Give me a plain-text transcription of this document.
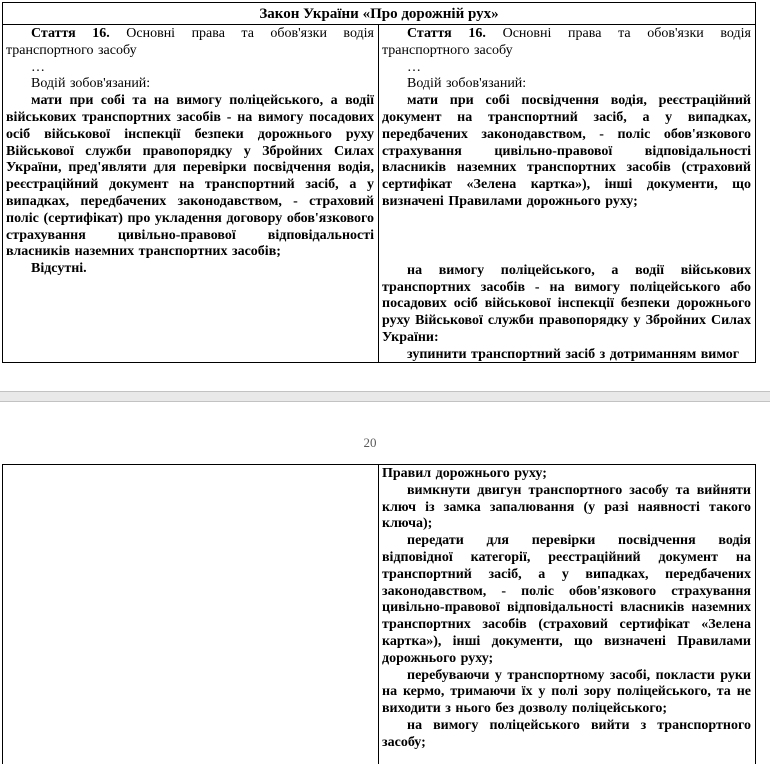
Закон України «Про дорожній рух»

Стаття 16. Основні права та обов'язки водія транспортного засобу

…

Водій зобов'язаний:

мати при собі та на вимогу поліцейського, а водії військових транспортних засобів - на вимогу посадових осіб військової інспекції безпеки дорожнього руху Військової служби правопорядку у Збройних Силах України, пред'являти для перевірки посвідчення водія, реєстраційний документ на транспортний засіб, а у випадках, передбачених законодавством, - страховий поліс (сертифікат) про укладення договору обов'язкового страхування цивільно-правової відповідальності власників наземних транспортних засобів;

Відсутні.

Стаття 16. Основні права та обов'язки водія транспортного засобу

…

Водій зобов'язаний:

мати при собі посвідчення водія, реєстраційний документ на транспортний засіб, а у випадках, передбачених законодавством, - поліс обов'язкового страхування цивільно-правової відповідальності власників наземних транспортних засобів (страховий сертифікат «Зелена картка»), інші документи, що визначені Правилами дорожнього руху;

на вимогу поліцейського, а водії військових транспортних засобів - на вимогу поліцейського або посадових осіб військової інспекції безпеки дорожнього руху Військової служби правопорядку у Збройних Силах України:

зупинити транспортний засіб з дотриманням вимог

20

Правил дорожнього руху;

вимкнути двигун транспортного засобу та вийняти ключ із замка запалювання (у разі наявності такого ключа);

передати для перевірки посвідчення водія відповідної категорії, реєстраційний документ на транспортний засіб, а у випадках, передбачених законодавством, - поліс обов'язкового страхування цивільно-правової відповідальності власників наземних транспортних засобів (страховий сертифікат «Зелена картка»), інші документи, що визначені Правилами дорожнього руху;

перебуваючи у транспортному засобі, покласти руки на кермо, тримаючи їх у полі зору поліцейського, та не виходити з нього без дозволу поліцейського;

на вимогу поліцейського вийти з транспортного засобу;
